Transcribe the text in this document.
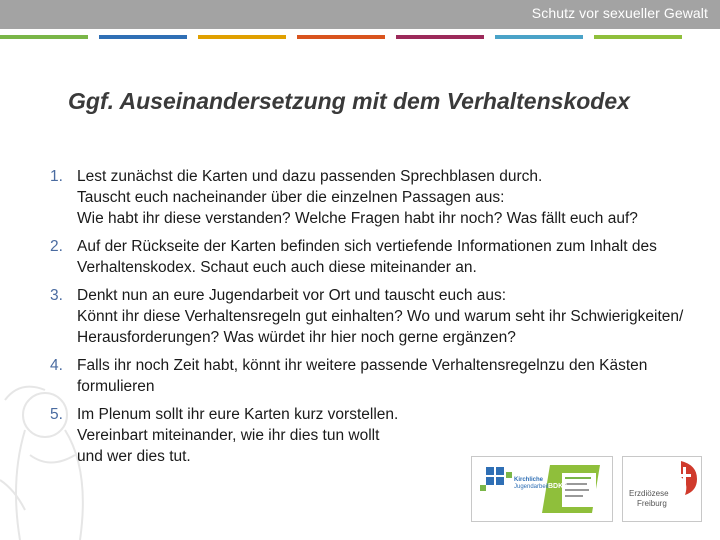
Schutz vor sexueller Gewalt
Ggf. Auseinandersetzung mit dem Verhaltenskodex
1. Lest zunächst die Karten und dazu passenden Sprechblasen durch.
Tauscht euch nacheinander über die einzelnen Passagen aus:
Wie habt ihr diese verstanden? Welche Fragen habt ihr noch? Was fällt euch auf?
2. Auf der Rückseite der Karten befinden sich vertiefende Informationen zum Inhalt des Verhaltenskodex. Schaut euch auch diese miteinander an.
3. Denkt nun an eure Jugendarbeit vor Ort und tauscht euch aus:
Könnt ihr diese Verhaltensregeln gut einhalten? Wo und warum seht ihr Schwierigkeiten/ Herausforderungen? Was würdet ihr hier noch gerne ergänzen?
4. Falls ihr noch Zeit habt, könnt ihr weitere passende Verhaltensregelnzu den Kästen formulieren
5. Im Plenum sollt ihr eure Karten kurz vorstellen.
Vereinbart miteinander, wie ihr dies tun wollt
und wer dies tut.
Kirchliche
Jugendarbeit BDKJ
Erzdiözese
Freiburg
